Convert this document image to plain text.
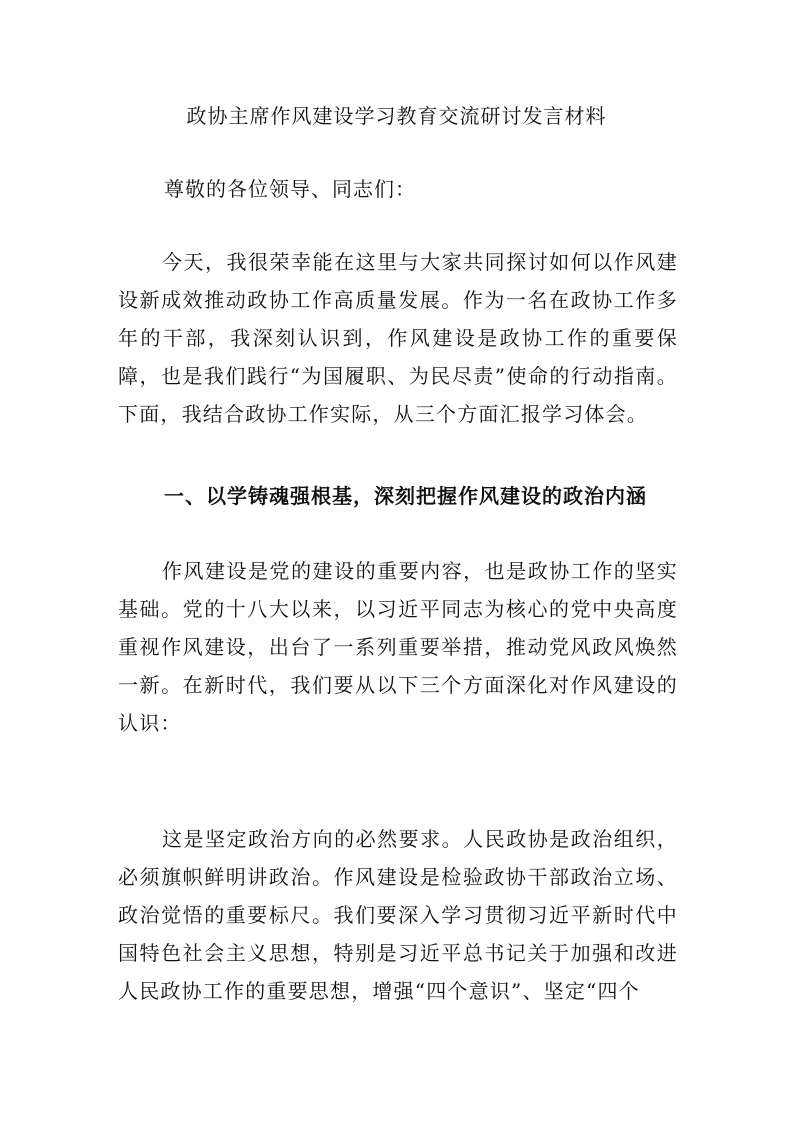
政协主席作风建设学习教育交流研讨发言材料

尊敬的各位领导、同志们：

今天，我很荣幸能在这里与大家共同探讨如何以作风建设新成效推动政协工作高质量发展。作为一名在政协工作多年的干部，我深刻认识到，作风建设是政协工作的重要保障，也是我们践行“为国履职、为民尽责”使命的行动指南。下面，我结合政协工作实际，从三个方面汇报学习体会。

一、以学铸魂强根基，深刻把握作风建设的政治内涵

作风建设是党的建设的重要内容，也是政协工作的坚实基础。党的十八大以来，以习近平同志为核心的党中央高度重视作风建设，出台了一系列重要举措，推动党风政风焕然一新。在新时代，我们要从以下三个方面深化对作风建设的认识：

这是坚定政治方向的必然要求。人民政协是政治组织，必须旗帜鲜明讲政治。作风建设是检验政协干部政治立场、政治觉悟的重要标尺。我们要深入学习贯彻习近平新时代中国特色社会主义思想，特别是习近平总书记关于加强和改进人民政协工作的重要思想，增强“四个意识”、坚定“四个
